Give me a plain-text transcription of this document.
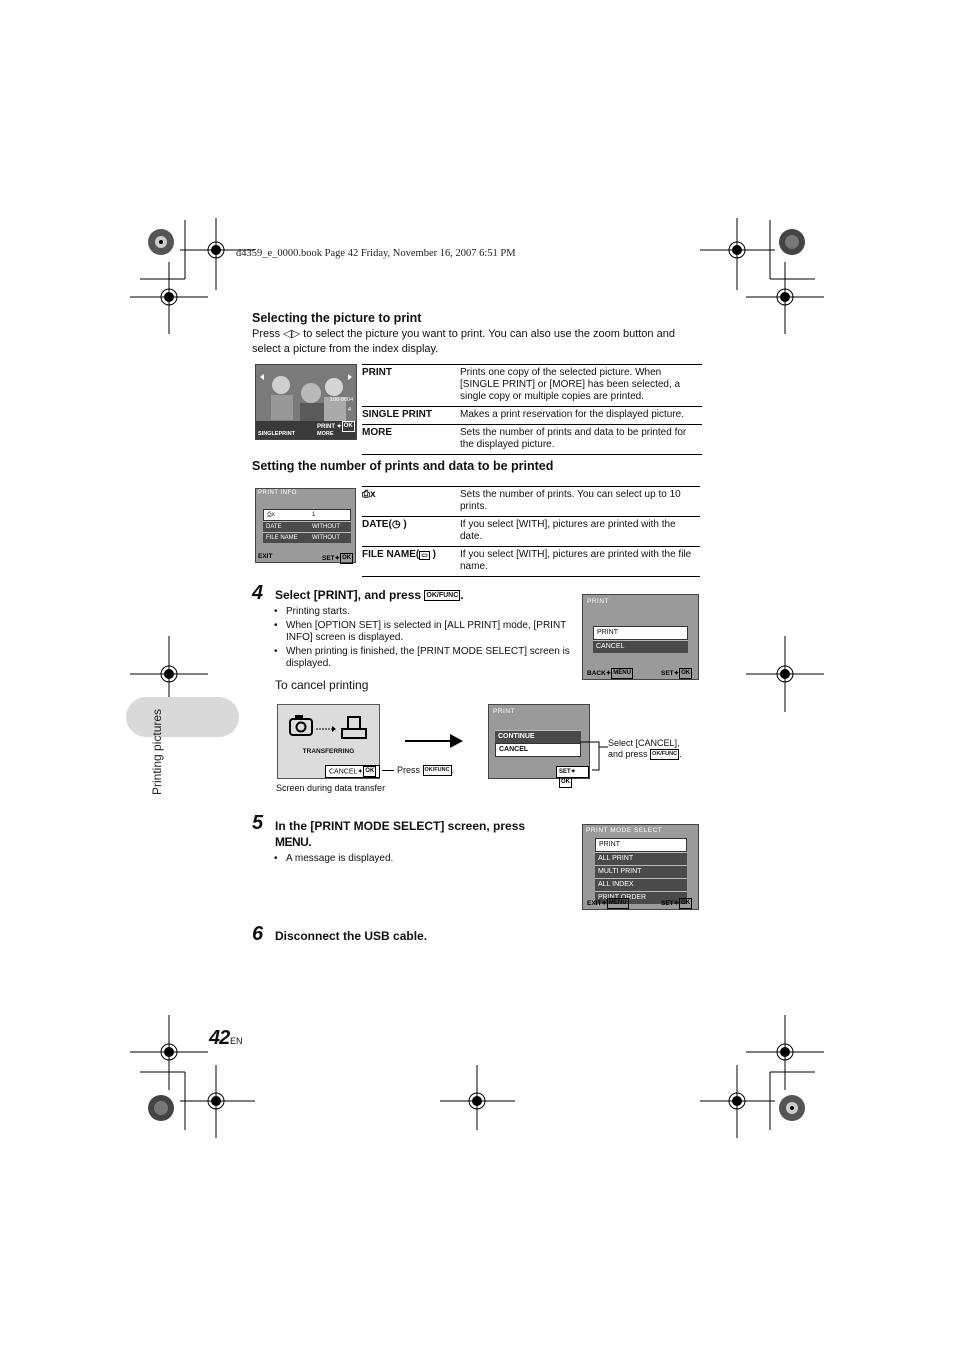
d4359_e_0000.book Page 42 Friday, November 16, 2007 6:51 PM
Printing pictures
Selecting the picture to print
Press ◁▷ to select the picture you want to print. You can also use the zoom button and select a picture from the index display.
100-0004
4
PRINT ✦ OK
SINGLEPRINT	MORE
PRINT	Prints one copy of the selected picture. When [SINGLE PRINT] or [MORE] has been selected, a single copy or multiple copies are printed.
SINGLE PRINT	Makes a print reservation for the displayed picture.
MORE	Sets the number of prints and data to be printed for the displayed picture.
Setting the number of prints and data to be printed
PRINT INFO
⎙x	1
DATE	WITHOUT
FILE NAME WITHOUT
EXIT	SET✦ OK
⎙x	Sets the number of prints. You can select up to 10 prints.
DATE(◷ )	If you select [WITH], pictures are printed with the date.
FILE NAME( ▭ )	If you select [WITH], pictures are printed with the file name.
4 Select [PRINT], and press OK/FUNC .
• Printing starts.
• When [OPTION SET] is selected in [ALL PRINT] mode, [PRINT INFO] screen is displayed.
• When printing is finished, the [PRINT MODE SELECT] screen is displayed.
PRINT
PRINT
CANCEL
BACK✦ MENU	SET✦ OK
To cancel printing
TRANSFERRING
CANCEL✦ OK	Press OK/FUNC .
Screen during data transfer
PRINT
CONTINUE
CANCEL
SET✦OK
Select [CANCEL],
and press OK/FUNC .
5 In the [PRINT MODE SELECT] screen, press MENU.
• A message is displayed.
PRINT MODE SELECT
PRINT
ALL PRINT
MULTI PRINT
ALL INDEX
PRINT ORDER
EXIT✦ MENU	SET✦ OK
6 Disconnect the USB cable.
42 EN
